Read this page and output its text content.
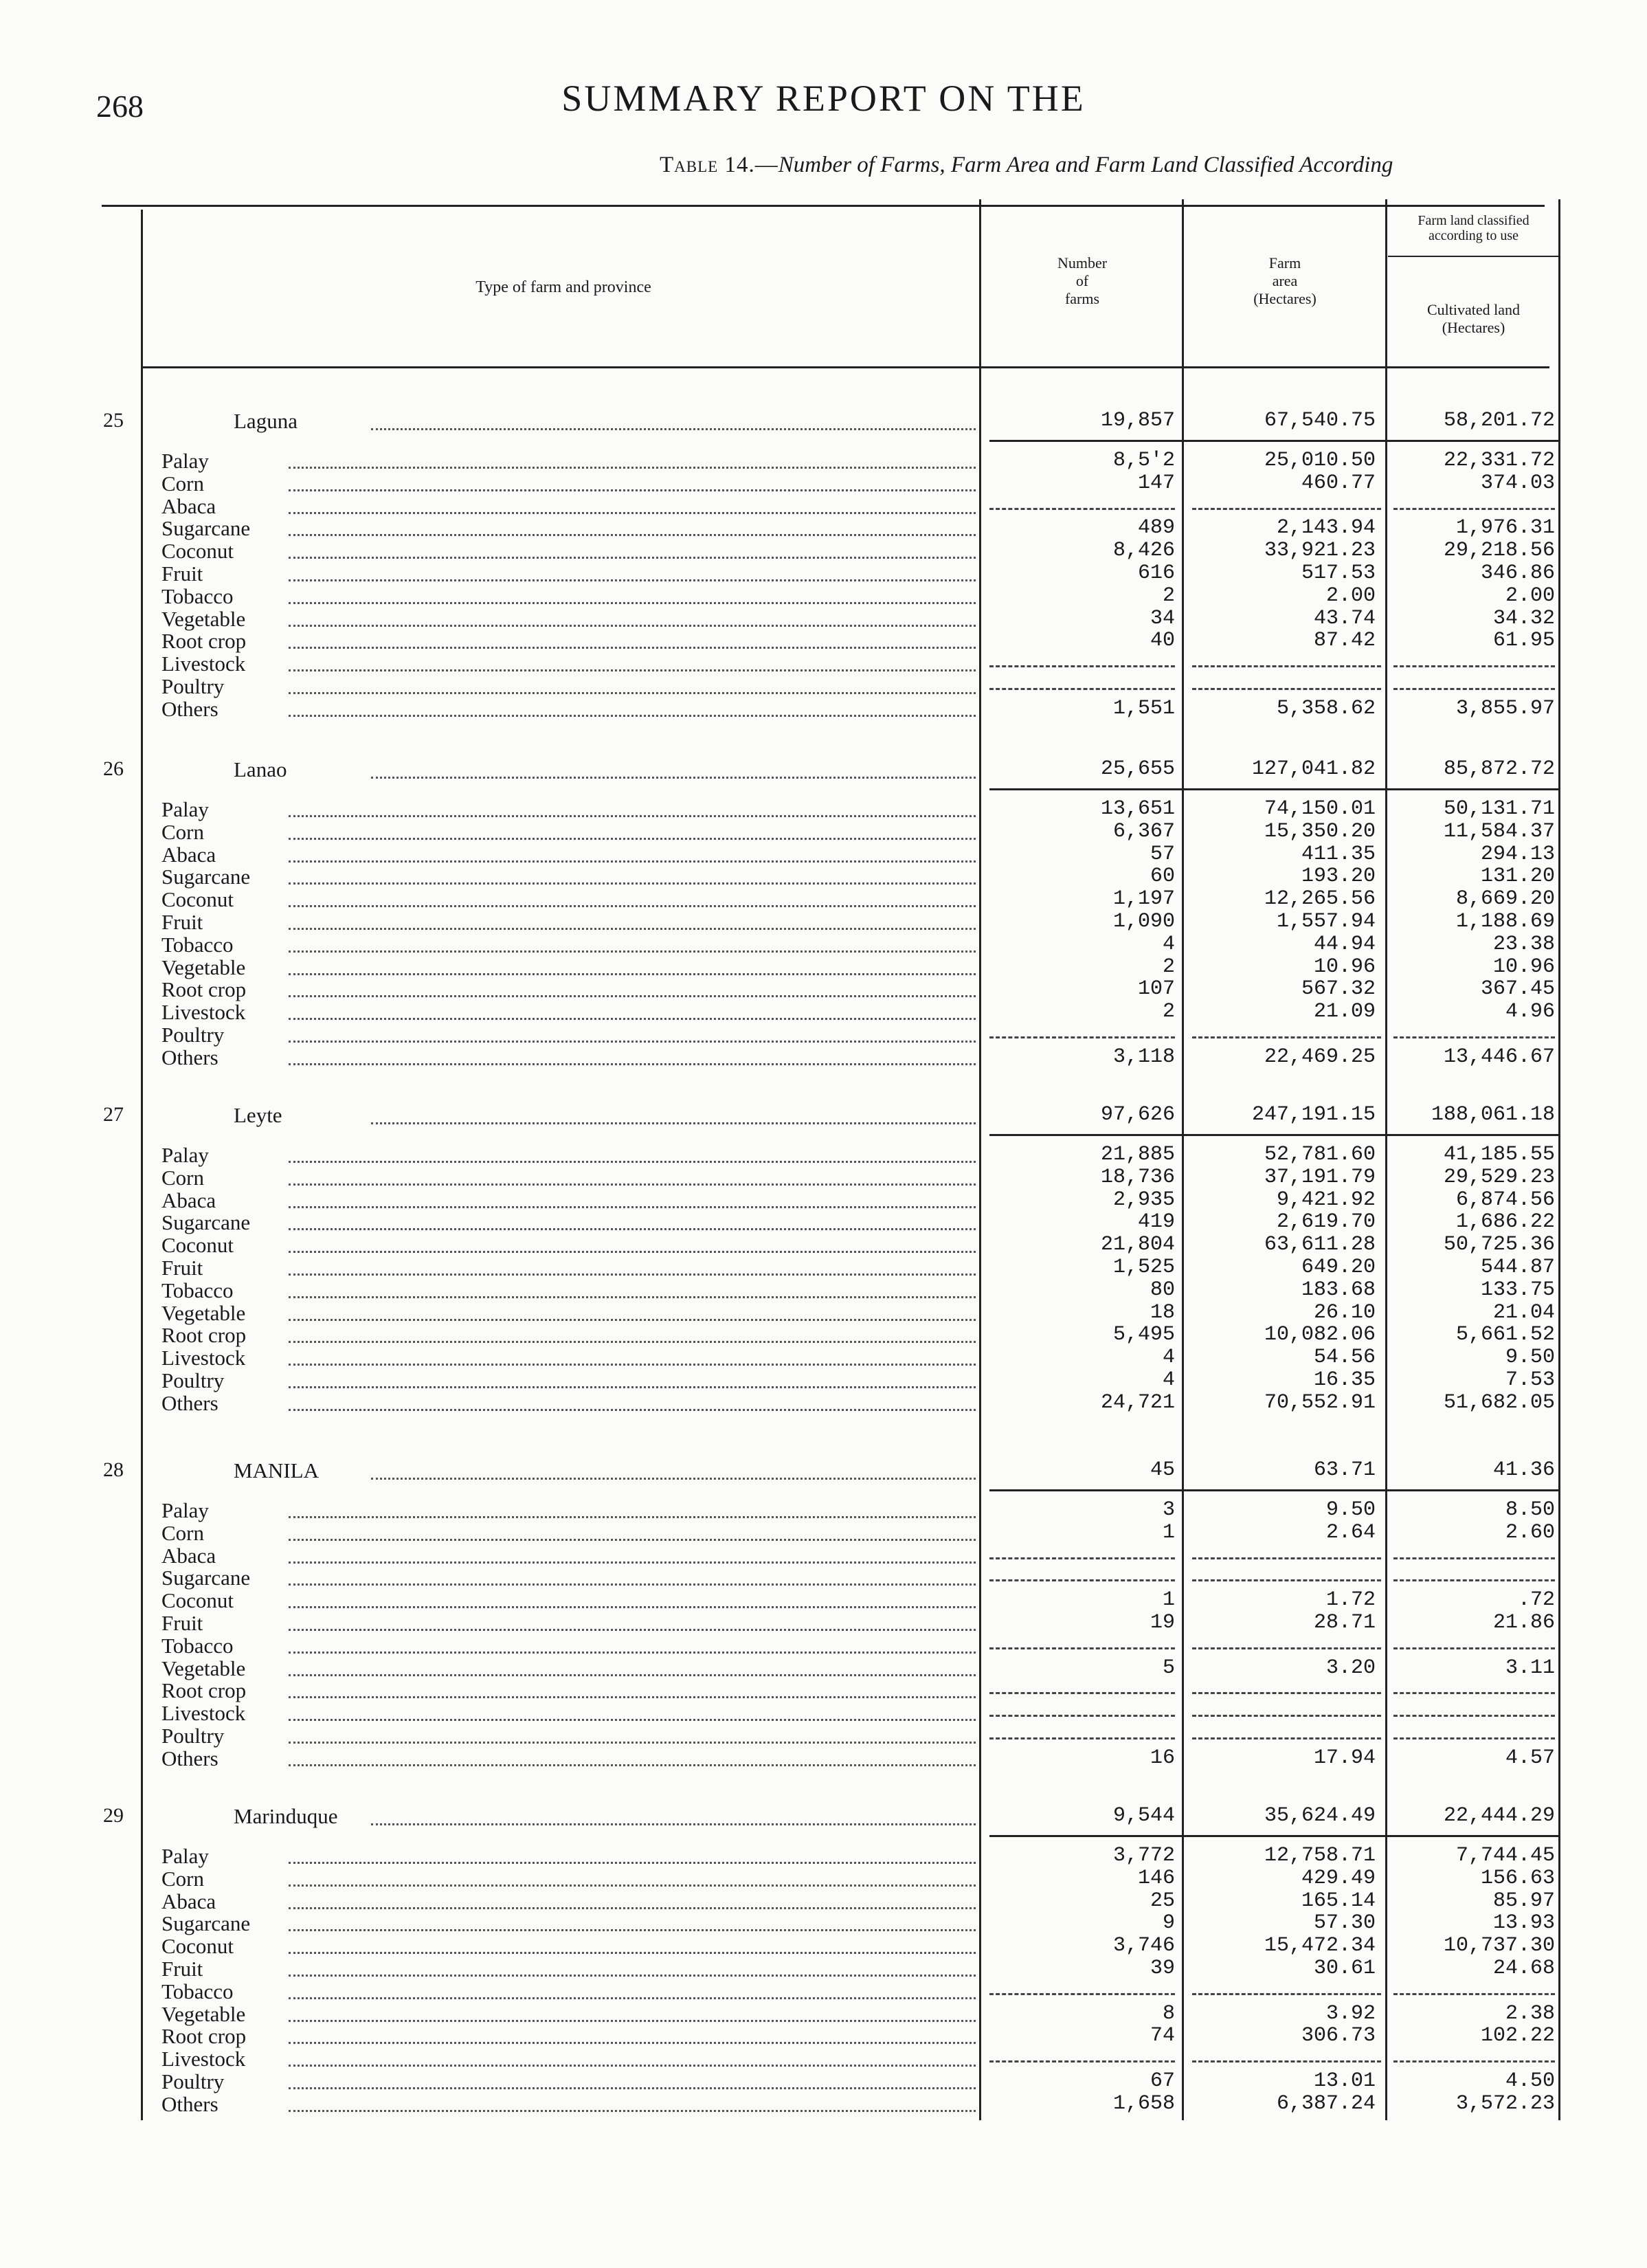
268	SUMMARY REPORT ON THE
Table 14.—Number of Farms, Farm Area and Farm Land Classified According
Type of farm and province
Number
of
farms
Farm
area
(Hectares)
Farm land classified
according to use
Cultivated land
(Hectares)
25	Laguna	19,857	67,540.75	58,201.72
Palay	8,5'2	25,010.50	22,331.72
Corn	147	460.77	374.03
Abaca
Sugarcane	489	2,143.94	1,976.31
Coconut	8,426	33,921.23	29,218.56
Fruit	616	517.53	346.86
Tobacco	2	2.00	2.00
Vegetable	34	43.74	34.32
Root crop	40	87.42	61.95
Livestock
Poultry
Others	1,551	5,358.62	3,855.97
26	Lanao	25,655	127,041.82	85,872.72
Palay	13,651	74,150.01	50,131.71
Corn	6,367	15,350.20	11,584.37
Abaca	57	411.35	294.13
Sugarcane	60	193.20	131.20
Coconut	1,197	12,265.56	8,669.20
Fruit	1,090	1,557.94	1,188.69
Tobacco	4	44.94	23.38
Vegetable	2	10.96	10.96
Root crop	107	567.32	367.45
Livestock	2	21.09	4.96
Poultry
Others	3,118	22,469.25	13,446.67
27	Leyte	97,626	247,191.15	188,061.18
Palay	21,885	52,781.60	41,185.55
Corn	18,736	37,191.79	29,529.23
Abaca	2,935	9,421.92	6,874.56
Sugarcane	419	2,619.70	1,686.22
Coconut	21,804	63,611.28	50,725.36
Fruit	1,525	649.20	544.87
Tobacco	80	183.68	133.75
Vegetable	18	26.10	21.04
Root crop	5,495	10,082.06	5,661.52
Livestock	4	54.56	9.50
Poultry	4	16.35	7.53
Others	24,721	70,552.91	51,682.05
28	MANILA	45	63.71	41.36
Palay	3	9.50	8.50
Corn	1	2.64	2.60
Abaca
Sugarcane
Coconut	1	1.72	.72
Fruit	19	28.71	21.86
Tobacco
Vegetable	5	3.20	3.11
Root crop
Livestock
Poultry
Others	16	17.94	4.57
29	Marinduque	9,544	35,624.49	22,444.29
Palay	3,772	12,758.71	7,744.45
Corn	146	429.49	156.63
Abaca	25	165.14	85.97
Sugarcane	9	57.30	13.93
Coconut	3,746	15,472.34	10,737.30
Fruit	39	30.61	24.68
Tobacco
Vegetable	8	3.92	2.38
Root crop	74	306.73	102.22
Livestock
Poultry	67	13.01	4.50
Others	1,658	6,387.24	3,572.23
